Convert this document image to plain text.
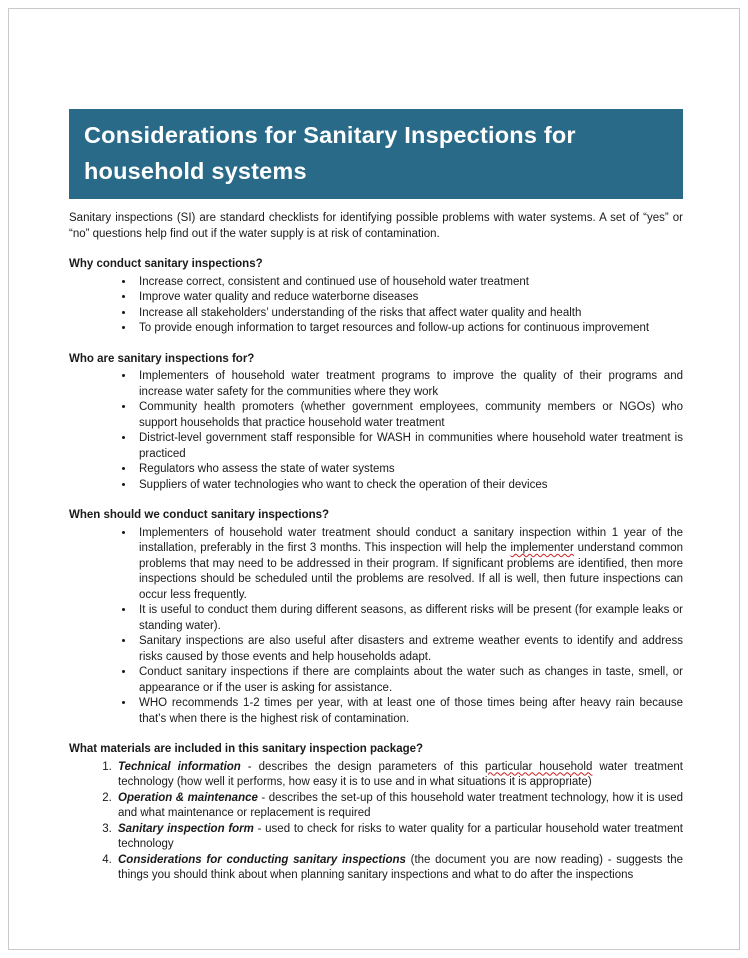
Considerations for Sanitary Inspections for
household systems

Sanitary inspections (SI) are standard checklists for identifying possible problems with water systems. A set of “yes” or “no” questions help find out if the water supply is at risk of contamination.

Why conduct sanitary inspections?

• Increase correct, consistent and continued use of household water treatment
• Improve water quality and reduce waterborne diseases
• Increase all stakeholders’ understanding of the risks that affect water quality and health
• To provide enough information to target resources and follow-up actions for continuous improvement

Who are sanitary inspections for?

• Implementers of household water treatment programs to improve the quality of their programs and increase water safety for the communities where they work
• Community health promoters (whether government employees, community members or NGOs) who support households that practice household water treatment
• District-level government staff responsible for WASH in communities where household water treatment is practiced
• Regulators who assess the state of water systems
• Suppliers of water technologies who want to check the operation of their devices

When should we conduct sanitary inspections?

• Implementers of household water treatment should conduct a sanitary inspection within 1 year of the installation, preferably in the first 3 months. This inspection will help the implementer understand common problems that may need to be addressed in their program. If significant problems are identified, then more inspections should be scheduled until the problems are resolved. If all is well, then future inspections can occur less frequently.
• It is useful to conduct them during different seasons, as different risks will be present (for example leaks or standing water).
• Sanitary inspections are also useful after disasters and extreme weather events to identify and address risks caused by those events and help households adapt.
• Conduct sanitary inspections if there are complaints about the water such as changes in taste, smell, or appearance or if the user is asking for assistance.
• WHO recommends 1-2 times per year, with at least one of those times being after heavy rain because that’s when there is the highest risk of contamination.

What materials are included in this sanitary inspection package?

1. Technical information - describes the design parameters of this particular household water treatment technology (how well it performs, how easy it is to use and in what situations it is appropriate)
2. Operation & maintenance - describes the set-up of this household water treatment technology, how it is used and what maintenance or replacement is required
3. Sanitary inspection form - used to check for risks to water quality for a particular household water treatment technology
4. Considerations for conducting sanitary inspections (the document you are now reading) - suggests the things you should think about when planning sanitary inspections and what to do after the inspections
